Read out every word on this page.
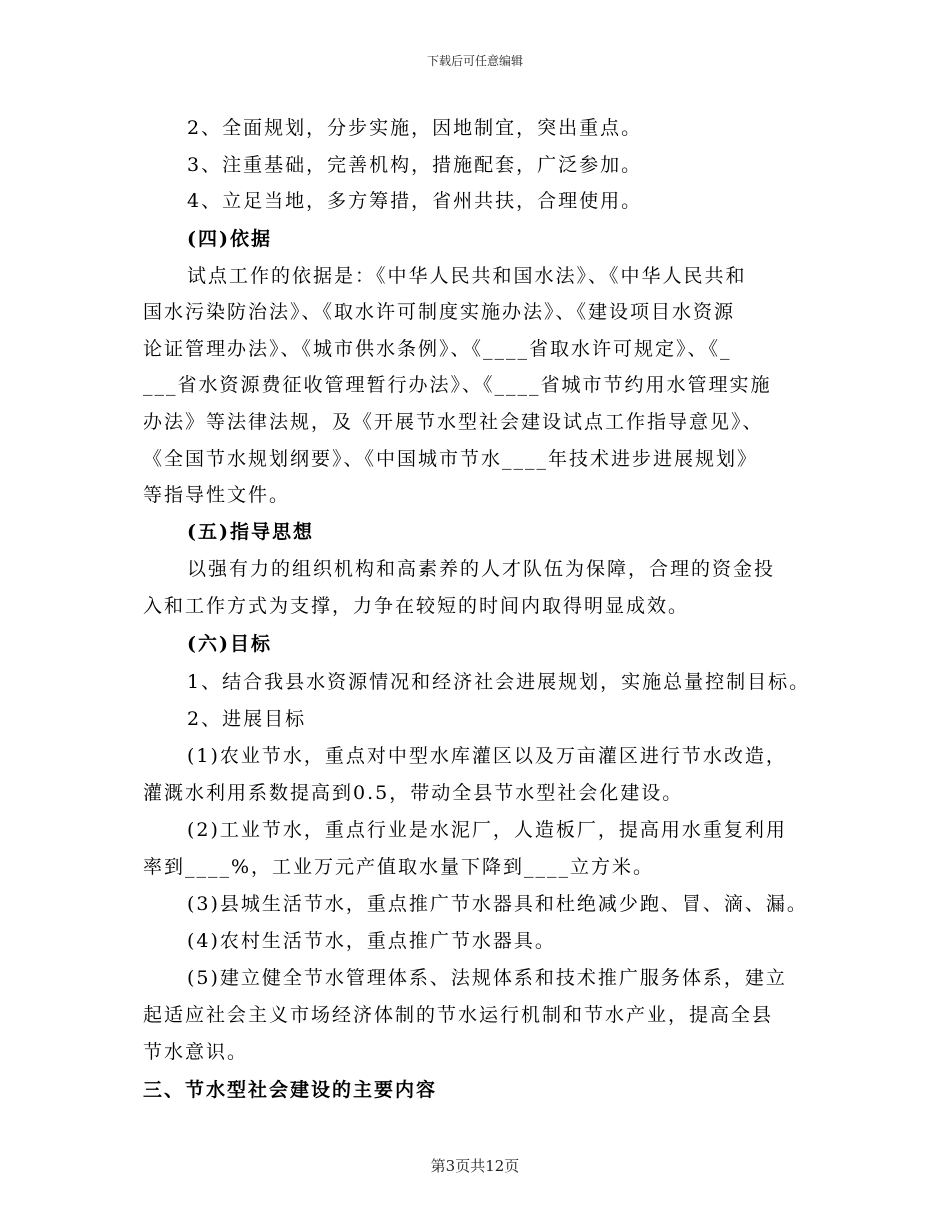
下载后可任意编辑
2、全面规划，分步实施，因地制宜，突出重点。
3、注重基础，完善机构，措施配套，广泛参加。
4、立足当地，多方筹措，省州共扶，合理使用。
(四)依据
试点工作的依据是：《中华人民共和国水法》、《中华人民共和
国水污染防治法》、《取水许可制度实施办法》、《建设项目水资源
论证管理办法》、《城市供水条例》、《____省取水许可规定》、《_
___省水资源费征收管理暂行办法》、《____省城市节约用水管理实施
办法》等法律法规，及《开展节水型社会建设试点工作指导意见》、
《全国节水规划纲要》、《中国城市节水____年技术进步进展规划》
等指导性文件。
(五)指导思想
以强有力的组织机构和高素养的人才队伍为保障，合理的资金投
入和工作方式为支撑，力争在较短的时间内取得明显成效。
(六)目标
1、结合我县水资源情况和经济社会进展规划，实施总量控制目标。
2、进展目标
(1)农业节水，重点对中型水库灌区以及万亩灌区进行节水改造，
灌溉水利用系数提高到0.5，带动全县节水型社会化建设。
(2)工业节水，重点行业是水泥厂，人造板厂，提高用水重复利用
率到____%，工业万元产值取水量下降到____立方米。
(3)县城生活节水，重点推广节水器具和杜绝减少跑、冒、滴、漏。
(4)农村生活节水，重点推广节水器具。
(5)建立健全节水管理体系、法规体系和技术推广服务体系，建立
起适应社会主义市场经济体制的节水运行机制和节水产业，提高全县
节水意识。
三、节水型社会建设的主要内容
第3页共12页
